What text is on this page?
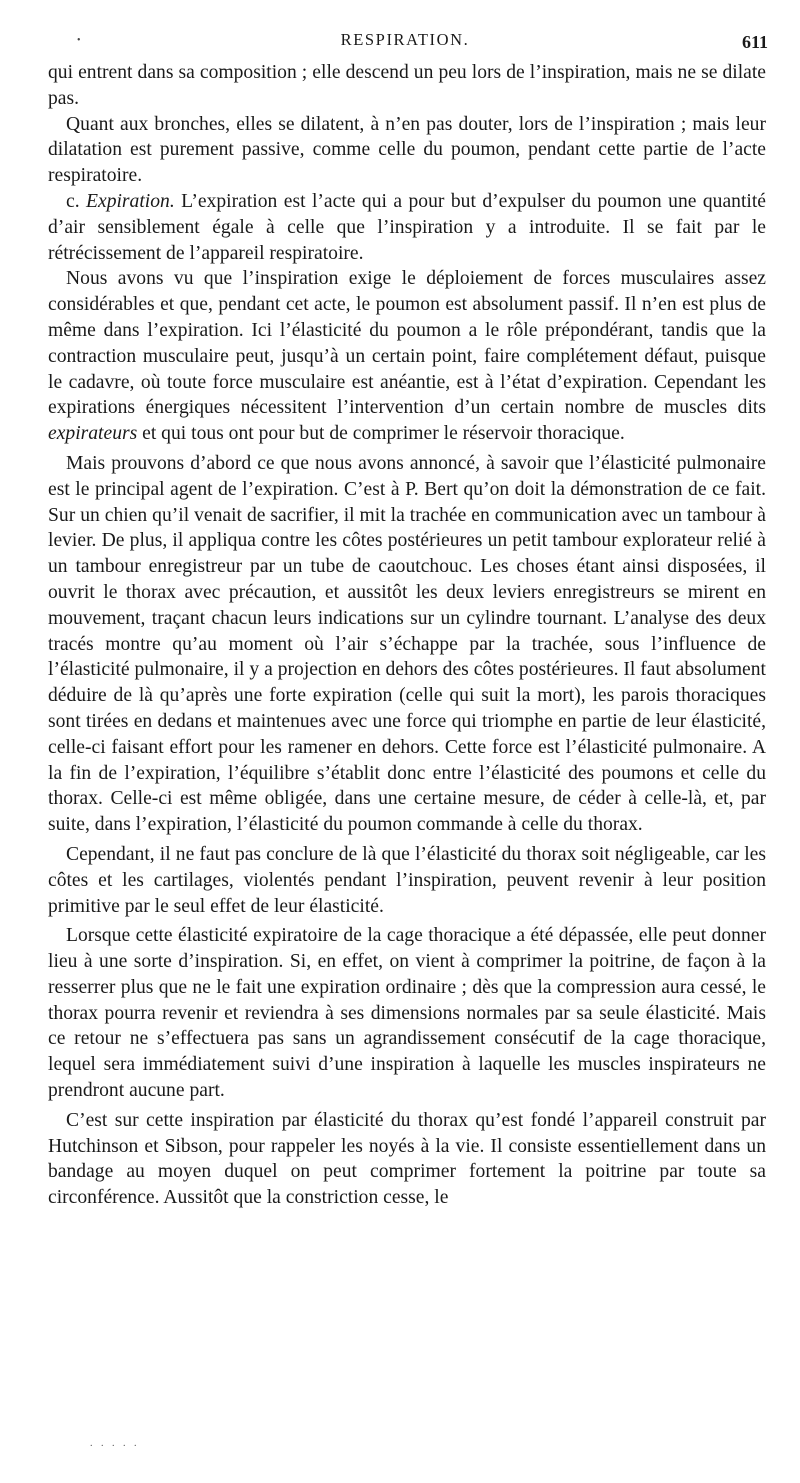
•	RESPIRATION.	611

qui entrent dans sa composition ; elle descend un peu lors de l’inspiration, mais ne se dilate pas.

Quant aux bronches, elles se dilatent, à n’en pas douter, lors de l’inspiration ; mais leur dilatation est purement passive, comme celle du poumon, pendant cette partie de l’acte respiratoire.

c. Expiration. L’expiration est l’acte qui a pour but d’expulser du poumon une quantité d’air sensiblement égale à celle que l’inspiration y a introduite. Il se fait par le rétrécissement de l’appareil respiratoire.

Nous avons vu que l’inspiration exige le déploiement de forces musculaires assez considérables et que, pendant cet acte, le poumon est absolument passif. Il n’en est plus de même dans l’expiration. Ici l’élasticité du poumon a le rôle prépondérant, tandis que la contraction musculaire peut, jusqu’à un certain point, faire complétement défaut, puisque le cadavre, où toute force musculaire est anéantie, est à l’état d’expiration. Cependant les expirations énergiques nécessitent l’intervention d’un certain nombre de muscles dits expirateurs et qui tous ont pour but de comprimer le réservoir thoracique.

Mais prouvons d’abord ce que nous avons annoncé, à savoir que l’élasticité pulmonaire est le principal agent de l’expiration. C’est à P. Bert qu’on doit la démonstration de ce fait. Sur un chien qu’il venait de sacrifier, il mit la trachée en communication avec un tambour à levier. De plus, il appliqua contre les côtes postérieures un petit tambour explorateur relié à un tambour enregistreur par un tube de caoutchouc. Les choses étant ainsi disposées, il ouvrit le thorax avec précaution, et aussitôt les deux leviers enregistreurs se mirent en mouvement, traçant chacun leurs indications sur un cylindre tournant. L’analyse des deux tracés montre qu’au moment où l’air s’échappe par la trachée, sous l’influence de l’élasticité pulmonaire, il y a projection en dehors des côtes postérieures. Il faut absolument déduire de là qu’après une forte expiration (celle qui suit la mort), les parois thoraciques sont tirées en dedans et maintenues avec une force qui triomphe en partie de leur élasticité, celle-ci faisant effort pour les ramener en dehors. Cette force est l’élasticité pulmonaire. A la fin de l’expiration, l’équilibre s’établit donc entre l’élasticité des poumons et celle du thorax. Celle-ci est même obligée, dans une certaine mesure, de céder à celle-là, et, par suite, dans l’expiration, l’élasticité du poumon commande à celle du thorax.

Cependant, il ne faut pas conclure de là que l’élasticité du thorax soit négligeable, car les côtes et les cartilages, violentés pendant l’inspiration, peuvent revenir à leur position primitive par le seul effet de leur élasticité.

Lorsque cette élasticité expiratoire de la cage thoracique a été dépassée, elle peut donner lieu à une sorte d’inspiration. Si, en effet, on vient à comprimer la poitrine, de façon à la resserrer plus que ne le fait une expiration ordinaire ; dès que la compression aura cessé, le thorax pourra revenir et reviendra à ses dimensions normales par sa seule élasticité. Mais ce retour ne s’effectuera pas sans un agrandissement consécutif de la cage thoracique, lequel sera immédiatement suivi d’une inspiration à laquelle les muscles inspirateurs ne prendront aucune part.

C’est sur cette inspiration par élasticité du thorax qu’est fondé l’appareil construit par Hutchinson et Sibson, pour rappeler les noyés à la vie. Il consiste essentiellement dans un bandage au moyen duquel on peut comprimer fortement la poitrine par toute sa circonférence. Aussitôt que la constriction cesse, le

. . . . .
